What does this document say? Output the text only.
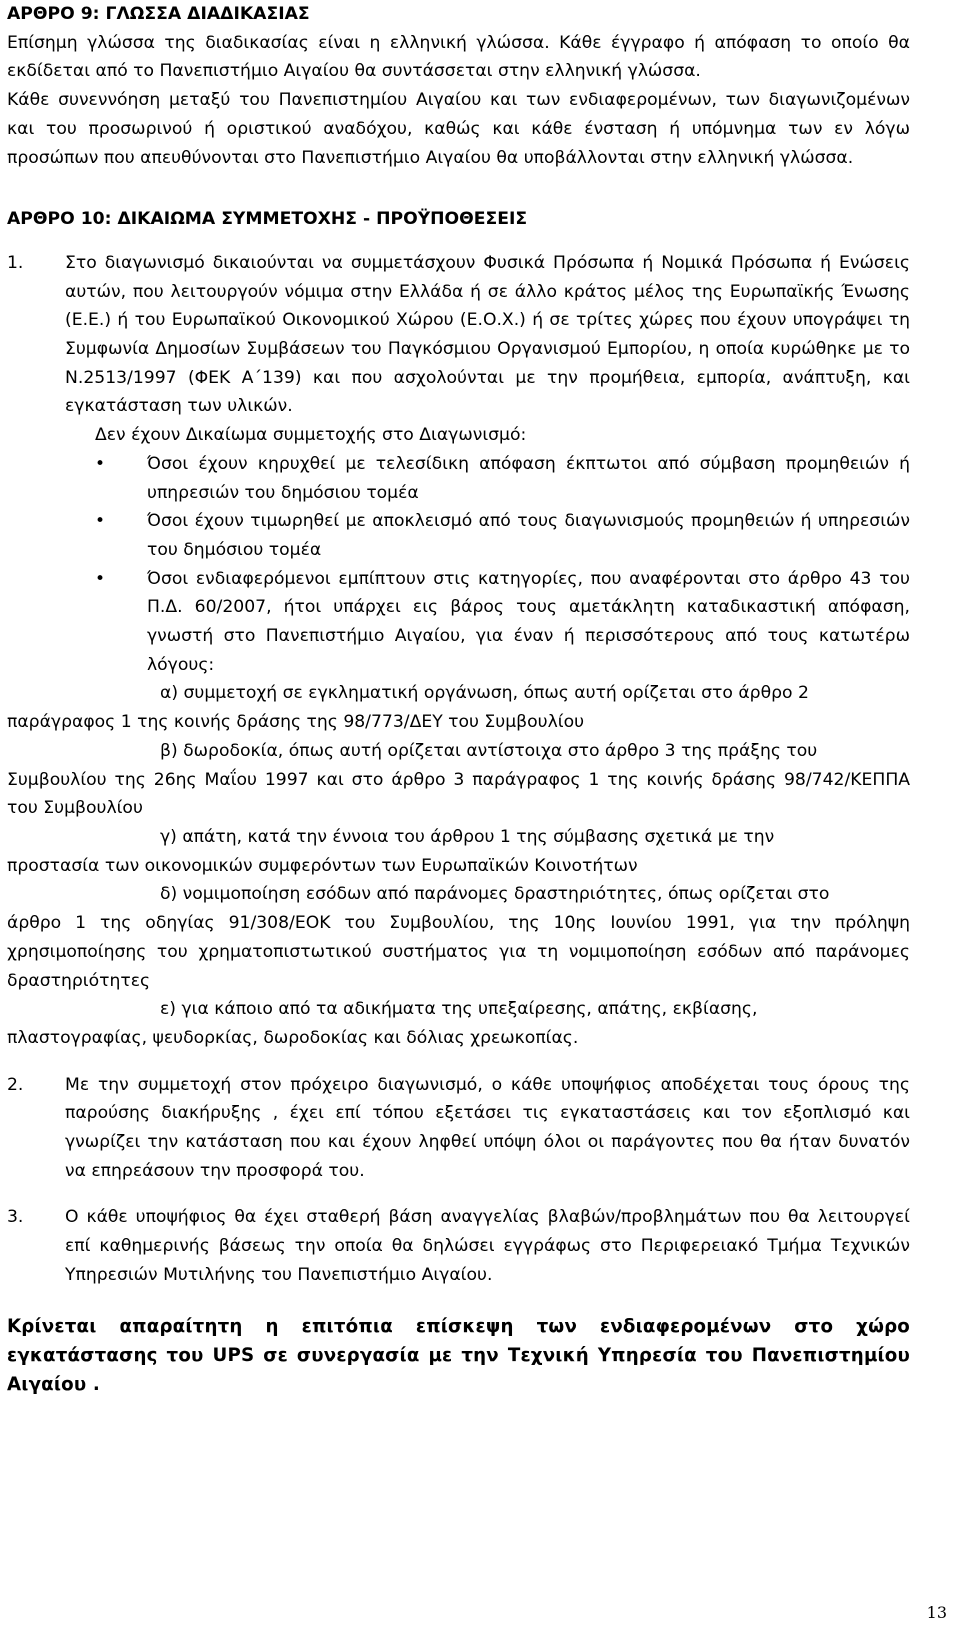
ΑΡΘΡΟ 9: ΓΛΩΣΣΑ ΔΙΑΔΙΚΑΣΙΑΣ

Επίσημη γλώσσα της διαδικασίας είναι η ελληνική γλώσσα. Κάθε έγγραφο ή απόφαση το οποίο θα εκδίδεται από το Πανεπιστήμιο Αιγαίου θα συντάσσεται στην ελληνική γλώσσα.

Κάθε συνεννόηση μεταξύ του Πανεπιστημίου Αιγαίου και των ενδιαφερομένων, των διαγωνιζομένων και του προσωρινού ή οριστικού αναδόχου, καθώς και κάθε ένσταση ή υπόμνημα των εν λόγω προσώπων που απευθύνονται στο Πανεπιστήμιο Αιγαίου θα υποβάλλονται στην ελληνική γλώσσα.

ΑΡΘΡΟ 10: ΔΙΚΑΙΩΜΑ ΣΥΜΜΕΤΟΧΗΣ - ΠΡΟΫΠΟΘΕΣΕΙΣ

1.	Στο διαγωνισμό δικαιούνται να συμμετάσχουν Φυσικά Πρόσωπα ή Νομικά Πρόσωπα ή Ενώσεις αυτών, που λειτουργούν νόμιμα στην Ελλάδα ή σε άλλο κράτος μέλος της Ευρωπαϊκής Ένωσης (Ε.Ε.) ή του Ευρωπαϊκού Οικονομικού Χώρου (Ε.Ο.Χ.) ή σε τρίτες χώρες που έχουν υπογράψει τη Συμφωνία Δημοσίων Συμβάσεων του Παγκόσμιου Οργανισμού Εμπορίου, η οποία κυρώθηκε με το Ν.2513/1997 (ΦΕΚ Α΄139) και που ασχολούνται με την προμήθεια, εμπορία, ανάπτυξη, και εγκατάσταση των υλικών.

Δεν έχουν Δικαίωμα συμμετοχής στο Διαγωνισμό:

• Όσοι έχουν κηρυχθεί με τελεσίδικη απόφαση έκπτωτοι από σύμβαση προμηθειών ή υπηρεσιών του δημόσιου τομέα
• Όσοι έχουν τιμωρηθεί με αποκλεισμό από τους διαγωνισμούς προμηθειών ή υπηρεσιών του δημόσιου τομέα
• Όσοι ενδιαφερόμενοι εμπίπτουν στις κατηγορίες, που αναφέρονται στο άρθρο 43 του Π.Δ. 60/2007, ήτοι υπάρχει εις βάρος τους αμετάκλητη καταδικαστική απόφαση, γνωστή στο Πανεπιστήμιο Αιγαίου, για έναν ή περισσότερους από τους κατωτέρω λόγους:

α) συμμετοχή σε εγκληματική οργάνωση, όπως αυτή ορίζεται στο άρθρο 2

παράγραφος 1 της κοινής δράσης της 98/773/ΔΕΥ του Συμβουλίου

β) δωροδοκία, όπως αυτή ορίζεται αντίστοιχα στο άρθρο 3 της πράξης του

Συμβουλίου της 26ης Μαΐου 1997 και στο άρθρο 3 παράγραφος 1 της κοινής δράσης 98/742/ΚΕΠΠΑ του Συμβουλίου

γ) απάτη, κατά την έννοια του άρθρου 1 της σύμβασης σχετικά με την

προστασία των οικονομικών συμφερόντων των Ευρωπαϊκών Κοινοτήτων

δ) νομιμοποίηση εσόδων από παράνομες δραστηριότητες, όπως ορίζεται στο

άρθρο 1 της οδηγίας 91/308/ΕΟΚ του Συμβουλίου, της 10ης Ιουνίου 1991, για την πρόληψη χρησιμοποίησης του χρηματοπιστωτικού συστήματος για τη νομιμοποίηση εσόδων από παράνομες δραστηριότητες

ε) για κάποιο από τα αδικήματα της υπεξαίρεσης, απάτης, εκβίασης,

πλαστογραφίας, ψευδορκίας, δωροδοκίας και δόλιας χρεωκοπίας.

2.	Με την συμμετοχή στον πρόχειρο διαγωνισμό, ο κάθε υποψήφιος αποδέχεται τους όρους της παρούσης διακήρυξης , έχει επί τόπου εξετάσει τις εγκαταστάσεις και τον εξοπλισμό και γνωρίζει την κατάσταση που και έχουν ληφθεί υπόψη όλοι οι παράγοντες που θα ήταν δυνατόν να επηρεάσουν την προσφορά του.
3.	Ο κάθε υποψήφιος θα έχει σταθερή βάση αναγγελίας βλαβών/προβλημάτων που θα λειτουργεί επί καθημερινής βάσεως την οποία θα δηλώσει εγγράφως στο Περιφερειακό Τμήμα Τεχνικών Υπηρεσιών Μυτιλήνης του Πανεπιστήμιο Αιγαίου.

Κρίνεται απαραίτητη η επιτόπια επίσκεψη των ενδιαφερομένων στο χώρο εγκατάστασης του UPS σε συνεργασία με την Τεχνική Υπηρεσία του Πανεπιστημίου Αιγαίου .

13
